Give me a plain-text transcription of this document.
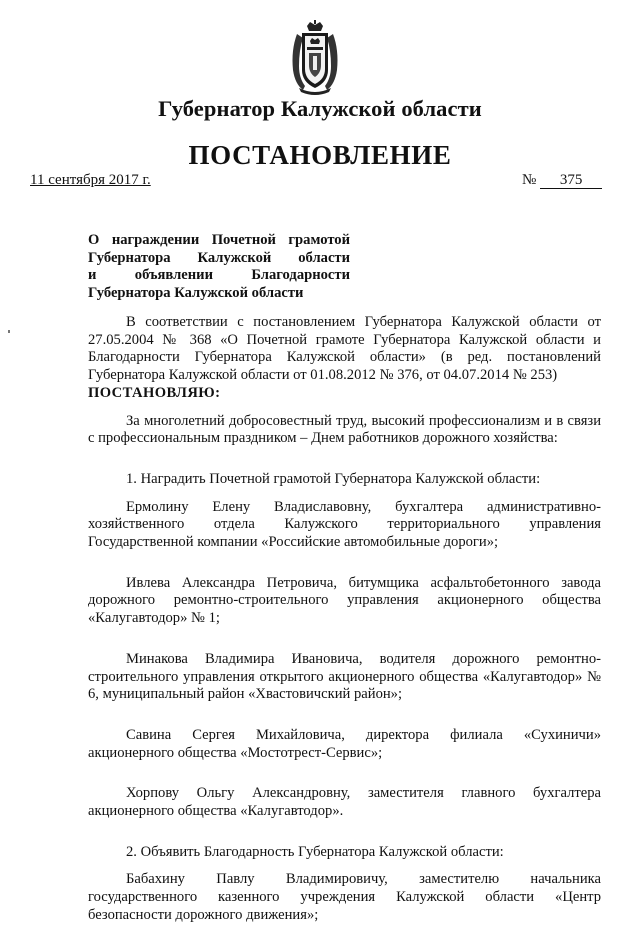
Губернатор Калужской области
ПОСТАНОВЛЕНИЕ
11 сентября 2017 г.	№ 375
О награждении Почетной грамотой
Губернатора Калужской области
и объявлении Благодарности
Губернатора Калужской области

В соответствии с постановлением Губернатора Калужской области от 27.05.2004 № 368 «О Почетной грамоте Губернатора Калужской области и Благодарности Губернатора Калужской области» (в ред. постановлений Губернатора Калужской области от 01.08.2012 № 376, от 04.07.2014 № 253)

ПОСТАНОВЛЯЮ:

За многолетний добросовестный труд, высокий профессионализм и в связи с профессиональным праздником – Днем работников дорожного хозяйства:

1. Наградить Почетной грамотой Губернатора Калужской области:

Ермолину Елену Владиславовну, бухгалтера административно-хозяйственного отдела Калужского территориального управления Государственной компании «Российские автомобильные дороги»;

Ивлева Александра Петровича, битумщика асфальтобетонного завода дорожного ремонтно-строительного управления акционерного общества «Калугавтодор» № 1;

Минакова Владимира Ивановича, водителя дорожного ремонтно-строительного управления открытого акционерного общества «Калугавтодор» № 6, муниципальный район «Хвастовичский район»;

Савина Сергея Михайловича, директора филиала «Сухиничи» акционерного общества «Мостотрест-Сервис»;

Хорпову Ольгу Александровну, заместителя главного бухгалтера акционерного общества «Калугавтодор».

2. Объявить Благодарность Губернатора Калужской области:

Бабахину Павлу Владимировичу, заместителю начальника государственного казенного учреждения Калужской области «Центр безопасности дорожного движения»;
